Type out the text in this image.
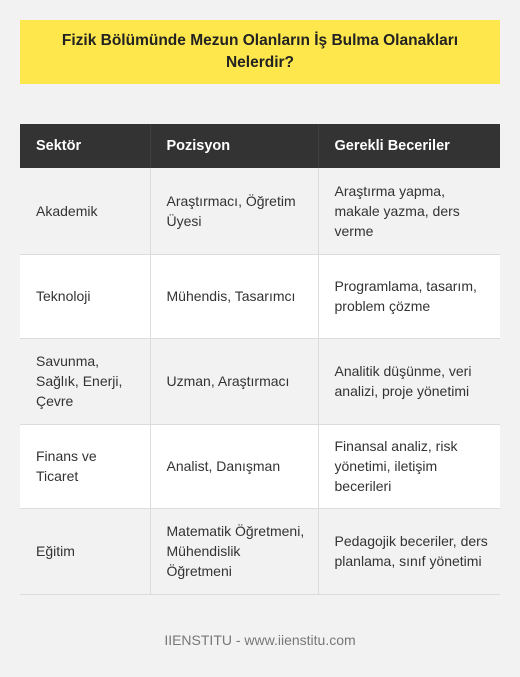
Fizik Bölümünde Mezun Olanların İş Bulma Olanakları Nelerdir?
Sektör	Pozisyon	Gerekli Beceriler
Akademik	Araştırmacı, Öğretim Üyesi	Araştırma yapma, makale yazma, ders verme
Teknoloji	Mühendis, Tasarımcı	Programlama, tasarım, problem çözme
Savunma, Sağlık, Enerji, Çevre	Uzman, Araştırmacı	Analitik düşünme, veri analizi, proje yönetimi
Finans ve Ticaret	Analist, Danışman	Finansal analiz, risk yönetimi, iletişim becerileri
Eğitim	Matematik Öğretmeni, Mühendislik Öğretmeni	Pedagojik beceriler, ders planlama, sınıf yönetimi
IIENSTITU - www.iienstitu.com
